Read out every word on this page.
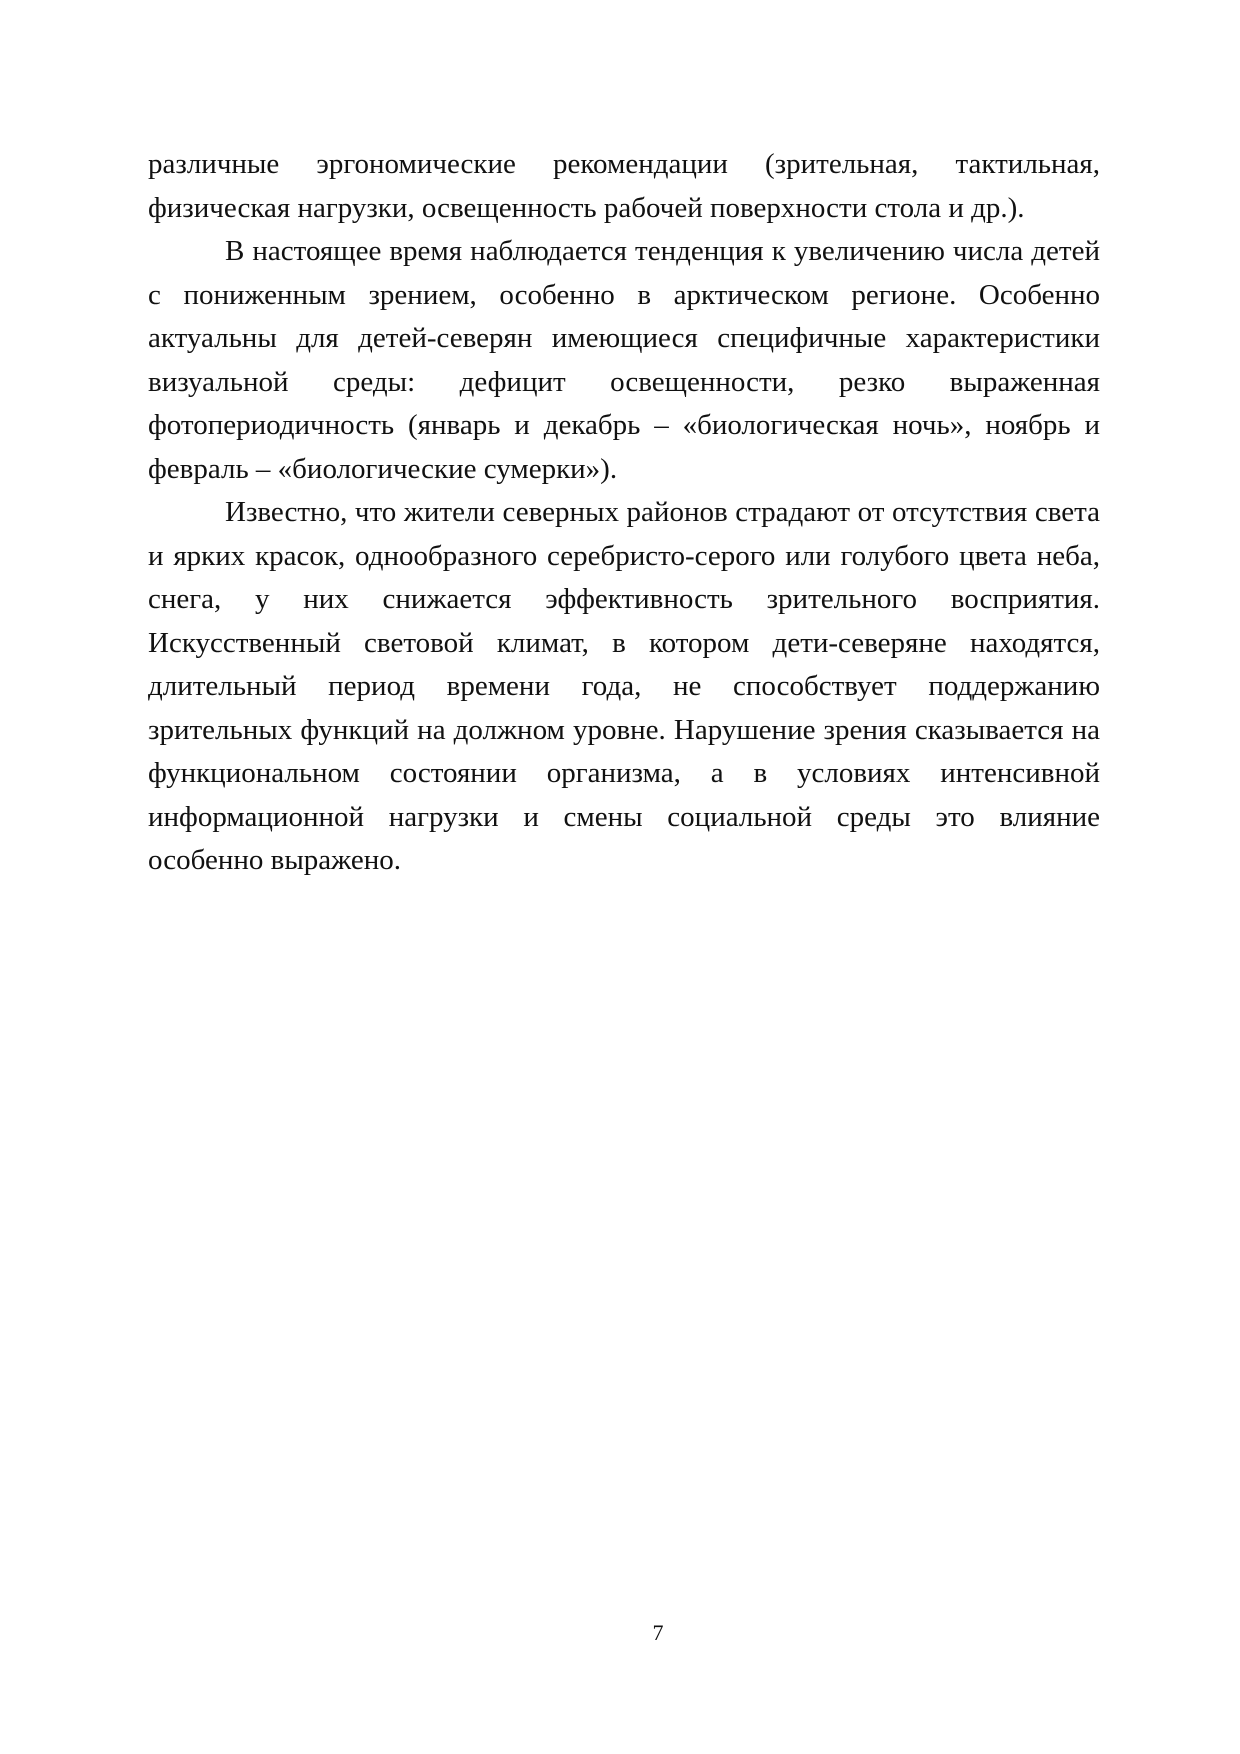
различные эргономические рекомендации (зрительная, тактильная, физическая нагрузки, освещенность рабочей поверхности стола и др.).

В настоящее время наблюдается тенденция к увеличению числа детей с пониженным зрением, особенно в арктическом регионе. Особенно актуальны для детей-северян имеющиеся специфичные характеристики визуальной среды: дефицит освещенности, резко выраженная фотопериодичность (январь и декабрь – «биологическая ночь», ноябрь и февраль – «биологические сумерки»).

Известно, что жители северных районов страдают от отсутствия света и ярких красок, однообразного серебристо-серого или голубого цвета неба, снега, у них снижается эффективность зрительного восприятия. Искусственный световой климат, в котором дети-северяне находятся, длительный период времени года, не способствует поддержанию зрительных функций на должном уровне. Нарушение зрения сказывается на функциональном состоянии организма, а в условиях интенсивной информационной нагрузки и смены социальной среды это влияние особенно выражено.

7
